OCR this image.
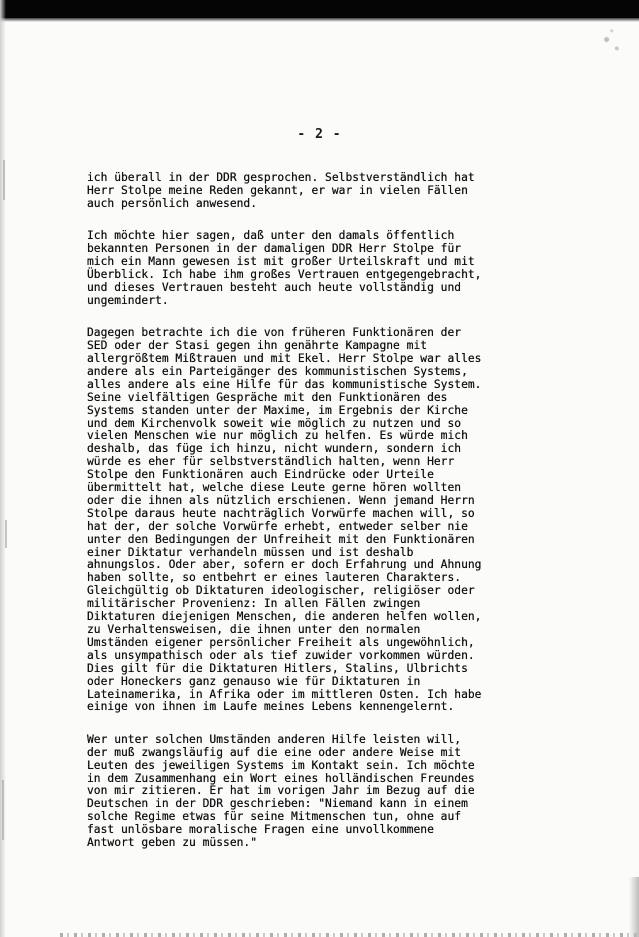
- 2 -

ich überall in der DDR gesprochen. Selbstverständlich hat
Herr Stolpe meine Reden gekannt, er war in vielen Fällen
auch persönlich anwesend.

Ich möchte hier sagen, daß unter den damals öffentlich
bekannten Personen in der damaligen DDR Herr Stolpe für
mich ein Mann gewesen ist mit großer Urteilskraft und mit
Überblick. Ich habe ihm großes Vertrauen entgegengebracht,
und dieses Vertrauen besteht auch heute vollständig und
ungemindert.

Dagegen betrachte ich die von früheren Funktionären der
SED oder der Stasi gegen ihn genährte Kampagne mit
allergrößtem Mißtrauen und mit Ekel. Herr Stolpe war alles
andere als ein Parteigänger des kommunistischen Systems,
alles andere als eine Hilfe für das kommunistische System.
Seine vielfältigen Gespräche mit den Funktionären des
Systems standen unter der Maxime, im Ergebnis der Kirche
und dem Kirchenvolk soweit wie möglich zu nutzen und so
vielen Menschen wie nur möglich zu helfen. Es würde mich
deshalb, das füge ich hinzu, nicht wundern, sondern ich
würde es eher für selbstverständlich halten, wenn Herr
Stolpe den Funktionären auch Eindrücke oder Urteile
übermittelt hat, welche diese Leute gerne hören wollten
oder die ihnen als nützlich erschienen. Wenn jemand Herrn
Stolpe daraus heute nachträglich Vorwürfe machen will, so
hat der, der solche Vorwürfe erhebt, entweder selber nie
unter den Bedingungen der Unfreiheit mit den Funktionären
einer Diktatur verhandeln müssen und ist deshalb
ahnungslos. Oder aber, sofern er doch Erfahrung und Ahnung
haben sollte, so entbehrt er eines lauteren Charakters.
Gleichgültig ob Diktaturen ideologischer, religiöser oder
militärischer Provenienz: In allen Fällen zwingen
Diktaturen diejenigen Menschen, die anderen helfen wollen,
zu Verhaltensweisen, die ihnen unter den normalen
Umständen eigener persönlicher Freiheit als ungewöhnlich,
als unsympathisch oder als tief zuwider vorkommen würden.
Dies gilt für die Diktaturen Hitlers, Stalins, Ulbrichts
oder Honeckers ganz genauso wie für Diktaturen in
Lateinamerika, in Afrika oder im mittleren Osten. Ich habe
einige von ihnen im Laufe meines Lebens kennengelernt.

Wer unter solchen Umständen anderen Hilfe leisten will,
der muß zwangsläufig auf die eine oder andere Weise mit
Leuten des jeweiligen Systems im Kontakt sein. Ich möchte
in dem Zusammenhang ein Wort eines holländischen Freundes
von mir zitieren. Er hat im vorigen Jahr im Bezug auf die
Deutschen in der DDR geschrieben: "Niemand kann in einem
solche Regime etwas für seine Mitmenschen tun, ohne auf
fast unlösbare moralische Fragen eine unvollkommene
Antwort geben zu müssen."
